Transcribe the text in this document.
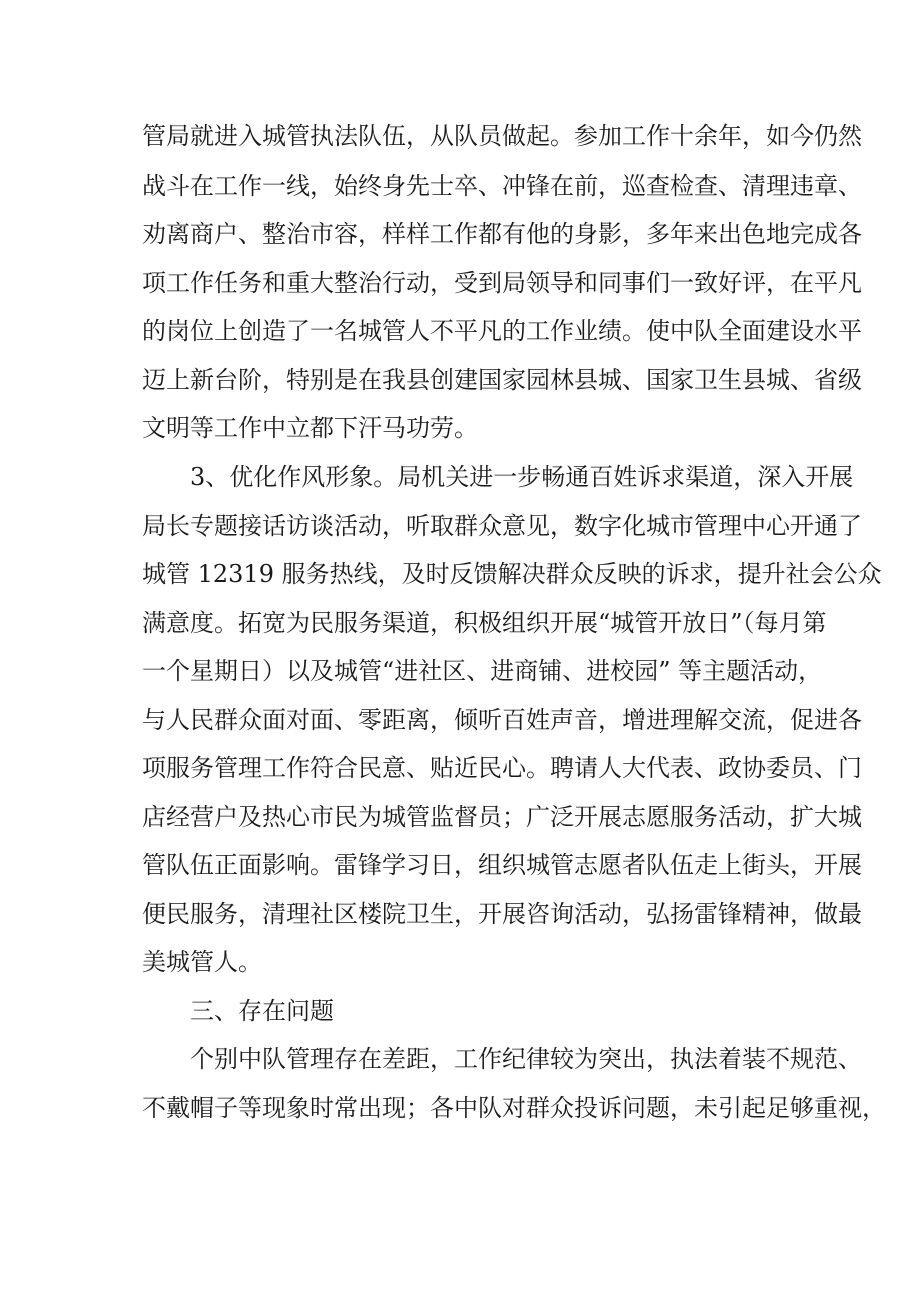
管局就进入城管执法队伍，从队员做起。参加工作十余年，如今仍然
战斗在工作一线，始终身先士卒、冲锋在前，巡查检查、清理违章、
劝离商户、整治市容，样样工作都有他的身影，多年来出色地完成各
项工作任务和重大整治行动，受到局领导和同事们一致好评，在平凡
的岗位上创造了一名城管人不平凡的工作业绩。使中队全面建设水平
迈上新台阶，特别是在我县创建国家园林县城、国家卫生县城、省级
文明等工作中立都下汗马功劳。
3、优化作风形象。局机关进一步畅通百姓诉求渠道，深入开展
局长专题接话访谈活动，听取群众意见，数字化城市管理中心开通了
城管 12319 服务热线，及时反馈解决群众反映的诉求，提升社会公众
满意度。拓宽为民服务渠道，积极组织开展“城管开放日”（每月第
一个星期日）以及城管“进社区、进商铺、进校园” 等主题活动，
与人民群众面对面、零距离，倾听百姓声音，增进理解交流，促进各
项服务管理工作符合民意、贴近民心。聘请人大代表、政协委员、门
店经营户及热心市民为城管监督员；广泛开展志愿服务活动，扩大城
管队伍正面影响。雷锋学习日，组织城管志愿者队伍走上街头，开展
便民服务，清理社区楼院卫生，开展咨询活动，弘扬雷锋精神，做最
美城管人。
三、存在问题
个别中队管理存在差距，工作纪律较为突出，执法着装不规范、
不戴帽子等现象时常出现；各中队对群众投诉问题，未引起足够重视，
